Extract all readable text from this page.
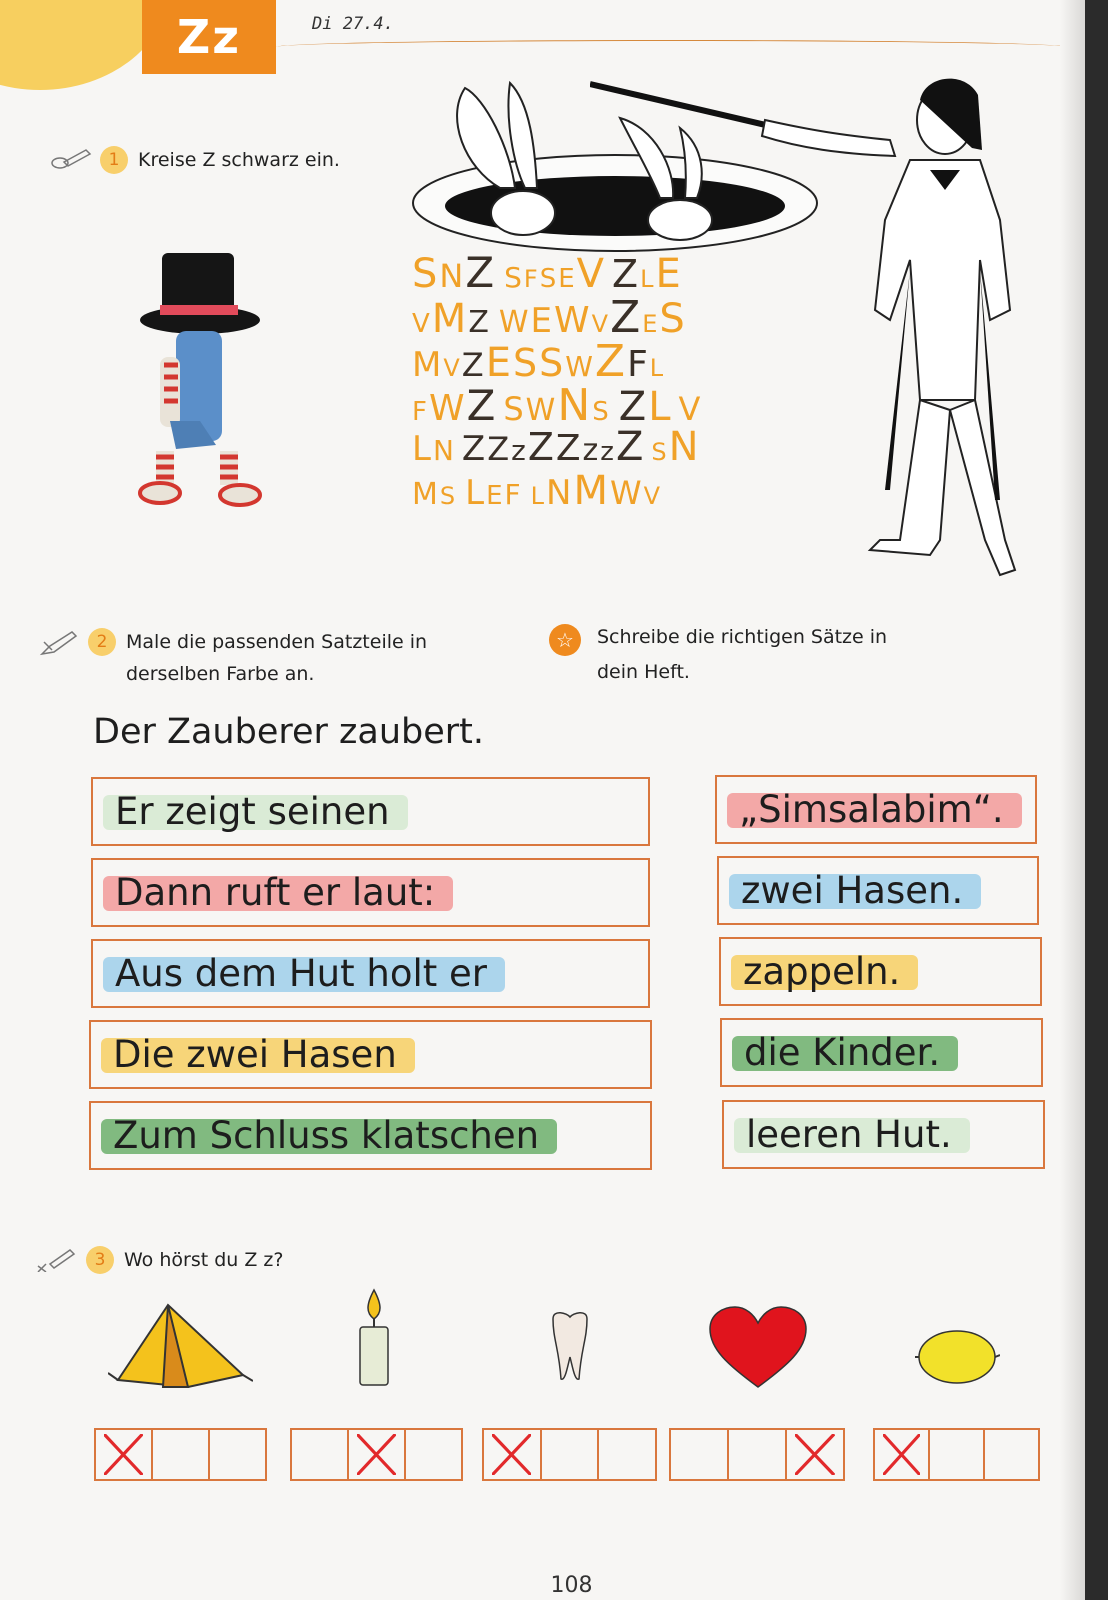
Zz	Di 27.4.
1 Kreise Z schwarz ein.
S N Z S F S E V Z L E
V M Z W E W V Z E S
M V Z E S S W Z F L
F W Z S W N S Z L V
L N Z Z z Z Z z z Z S N
M S L E F L N M W V
2 Male die passenden Satzteile in derselben Farbe an.
☆	Schreibe die richtigen Sätze in dein Heft.
Der Zauberer zaubert.
Er zeigt seinen
Dann ruft er laut:
Aus dem Hut holt er
Die zwei Hasen
Zum Schluss klatschen
„Simsalabim“.
zwei Hasen.
zappeln.
die Kinder.
leeren Hut.
3 Wo hörst du Z z?
108
